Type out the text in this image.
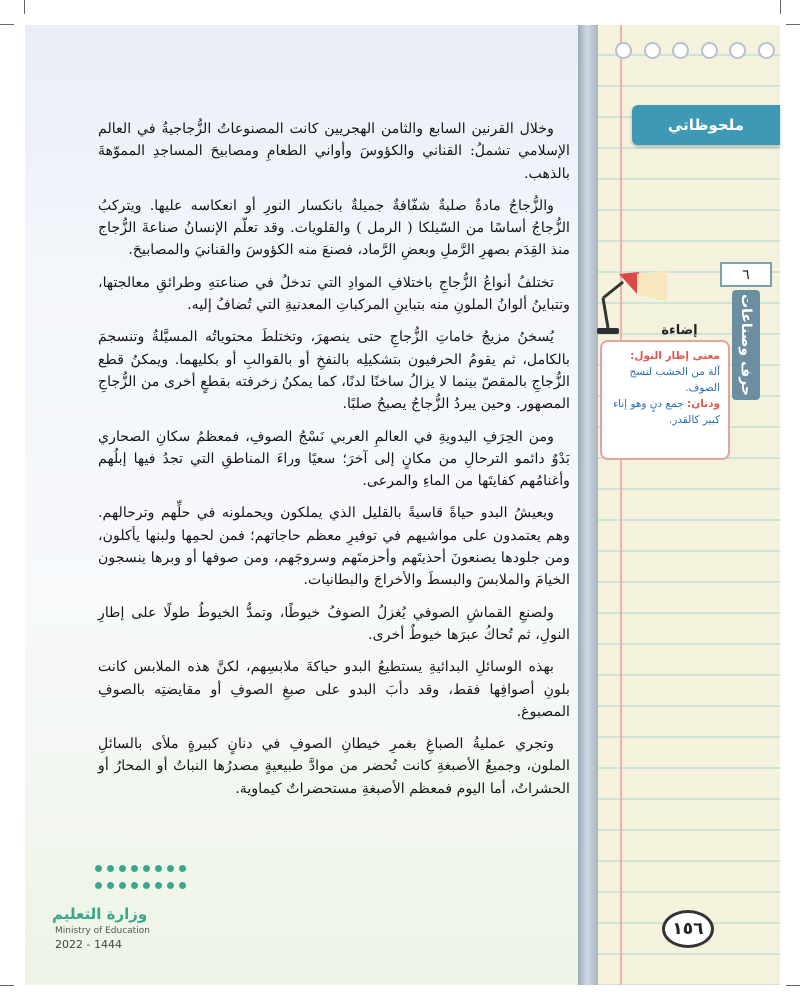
ملحوظاتي
٦
حرف وصناعات
إضاءة
معنى إطار النول:
آلة من الخشب لنسج الصوف.
ودنان: جمع دنٍ وهو إناء كبير كالقدر.

وخلال القرنين السابع والثامن الهجريين كانت المصنوعاتُ الزُّجاجيةُ في العالم الإسلامي تشملُ: القناني والكؤوسَ وأواني الطعامِ ومصابيحَ المساجدِ المموّهةَ بالذهب.

والزُّجاجُ مادةٌ صلبةٌ شفّافةٌ جميلةٌ بانكسار النورِ أو انعكاسه عليها. ويتركبُ الزُّجاجُ أساسًا من السّيلكا ( الرمل ) والقلويات. وقد تعلّم الإنسانُ صناعةَ الزُّجاج منذ القِدَم بصهرِ الرَّملِ وبعضِ الرَّماد، فصنعَ منه الكؤوسَ والقنانيَ والمصابيحَ.

تختلفُ أنواعُ الزُّجاجِ باختلافِ الموادِ التي تدخلُ في صناعتهِ وطرائقِ معالجتها، وتتباينُ ألوانُ الملونِ منه بتباينِ المركباتِ المعدنيةِ التي تُضافُ إليه.

يُسخنُ مزيجُ خاماتِ الزُّجاجِ حتى ينصهرَ، وتختلطَ محتوياتُه المسيَّلةُ وتنسجمَ بالكامل، ثم يقومُ الحرفيون بتشكيلِه بالنفخِ أو بالقوالبِ أو بكليهما. ويمكنُ قطع الزُّجاجِ بالمقصّ بينما لا يزالُ ساخنًا لدنًا، كما يمكنُ زخرفته بقطعٍ أخرى من الزُّجاجِ المصهور. وحين يبردُ الزُّجاجُ يصبحُ صلبًا.

ومن الحِرَفِ اليدويةِ في العالمِ العربي نَسْجُ الصوفِ، فمعظمُ سكانِ الصحاري بَدْوٌ دائمو الترحالِ من مكانٍ إلى آخرَ؛ سعيًا وراءَ المناطقِ التي تجدُ فيها إبلُهم وأغنامُهم كفايتَها من الماءِ والمرعى.

ويعيشُ البدو حياةً قاسيةً بالقليل الذي يملكون ويحملونه في حلِّهم وترحالهم. وهم يعتمدون على مواشيهم في توفيرِ معظم حاجاتهم؛ فمن لحمِها ولبنها يأكلون، ومن جلودها يصنعونَ أحذيتَهم وأحزمتَهم وسروجَهم، ومن صوفها أو وبرها ينسجون الخيامَ والملابسَ والبسطَ والأخراجَ والبطانيات.

ولصنعِ القماشِ الصوفي يُغزلُ الصوفُ خيوطًا، وتمدُّ الخيوطُ طولًا على إطارِ النولِ، ثم تُحاكُ عبرَها خيوطٌ أخرى.

بهذه الوسائلِ البدائيةِ يستطيعُ البدو حياكةَ ملابسِهم، لكنَّ هذه الملابس كانت بلونِ أصوافِها فقط، وقد دأبَ البدو على صبغِ الصوفِ أو مقايضتِه بالصوفِ المصبوغ.

وتجري عمليةُ الصباغِ بغمرِ خيطانِ الصوفِ في دنانٍ كبيرةٍ ملأى بالسائلِ الملون، وجميعُ الأصبغةِ كانت تُحضر من موادَّ طبيعيةٍ مصدرُها النباتُ أو المحارُ أو الحشراتُ، أما اليوم فمعظم الأصبغةِ مستحضراتٌ كيماوية.

وزارة التعليم
Ministry of Education
2022 - 1444
١٥٦
